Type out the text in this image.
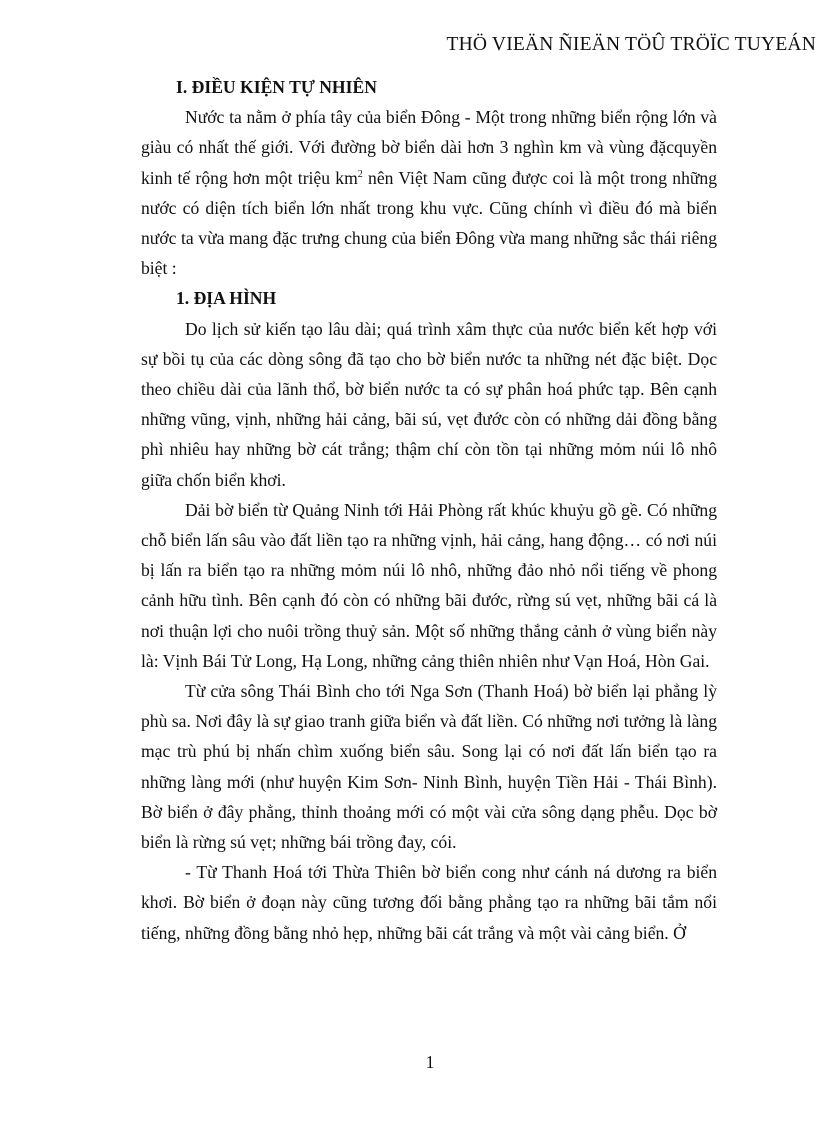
THÖ VIEÄN ÑIEÄN TÖÛ TRÖÏC TUYEÁN
I. ĐIỀU KIỆN TỰ NHIÊN

Nước ta nằm ở phía tây của biển Đông - Một trong những biển rộng lớn và giàu có nhất thế giới. Với đường bờ biển dài hơn 3 nghìn km và vùng đặcquyền kinh tế rộng hơn một triệu $km^2$ nên Việt Nam cũng được coi là một trong những nước có diện tích biển lớn nhất trong khu vực. Cũng chính vì điều đó mà biển nước ta vừa mang đặc trưng chung của biển Đông vừa mang những sắc thái riêng biệt :

1. ĐỊA HÌNH

Do lịch sử kiến tạo lâu dài; quá trình xâm thực của nước biển kết hợp với sự bồi tụ của các dòng sông đã tạo cho bờ biển nước ta những nét đặc biệt. Dọc theo chiều dài của lãnh thổ, bờ biển nước ta có sự phân hoá phức tạp. Bên cạnh những vũng, vịnh, những hải cảng, bãi sú, vẹt đước còn có những dải đồng bằng phì nhiêu hay những bờ cát trắng; thậm chí còn tồn tại những mỏm núi lô nhô giữa chốn biển khơi.

Dải bờ biển từ Quảng Ninh tới Hải Phòng rất khúc khuỷu gồ gề. Có những chỗ biển lấn sâu vào đất liền tạo ra những vịnh, hải cảng, hang động… có nơi núi bị lấn ra biển tạo ra những mỏm núi lô nhô, những đảo nhỏ nổi tiếng về phong cảnh hữu tình. Bên cạnh đó còn có những bãi đước, rừng sú vẹt, những bãi cá là nơi thuận lợi cho nuôi trồng thuỷ sản. Một số những thắng cảnh ở vùng biển này là: Vịnh Bái Tử Long, Hạ Long, những cảng thiên nhiên như Vạn Hoá, Hòn Gai.

Từ cửa sông Thái Bình cho tới Nga Sơn (Thanh Hoá) bờ biển lại phẳng lỳ phù sa. Nơi đây là sự giao tranh giữa biển và đất liền. Có những nơi tưởng là làng mạc trù phú bị nhấn chìm xuống biển sâu. Song lại có nơi đất lấn biển tạo ra những làng mới (như huyện Kim Sơn- Ninh Bình, huyện Tiền Hải - Thái Bình). Bờ biển ở đây phẳng, thỉnh thoảng mới có một vài cửa sông dạng phễu. Dọc bờ biển là rừng sú vẹt; những bái trồng đay, cói.

- Từ Thanh Hoá tới Thừa Thiên bờ biển cong như cánh ná dương ra biển khơi. Bờ biển ở đoạn này cũng tương đối bằng phẳng tạo ra những bãi tắm nổi tiếng, những đồng bằng nhỏ hẹp, những bãi cát trắng và một vài cảng biển. Ở

1
